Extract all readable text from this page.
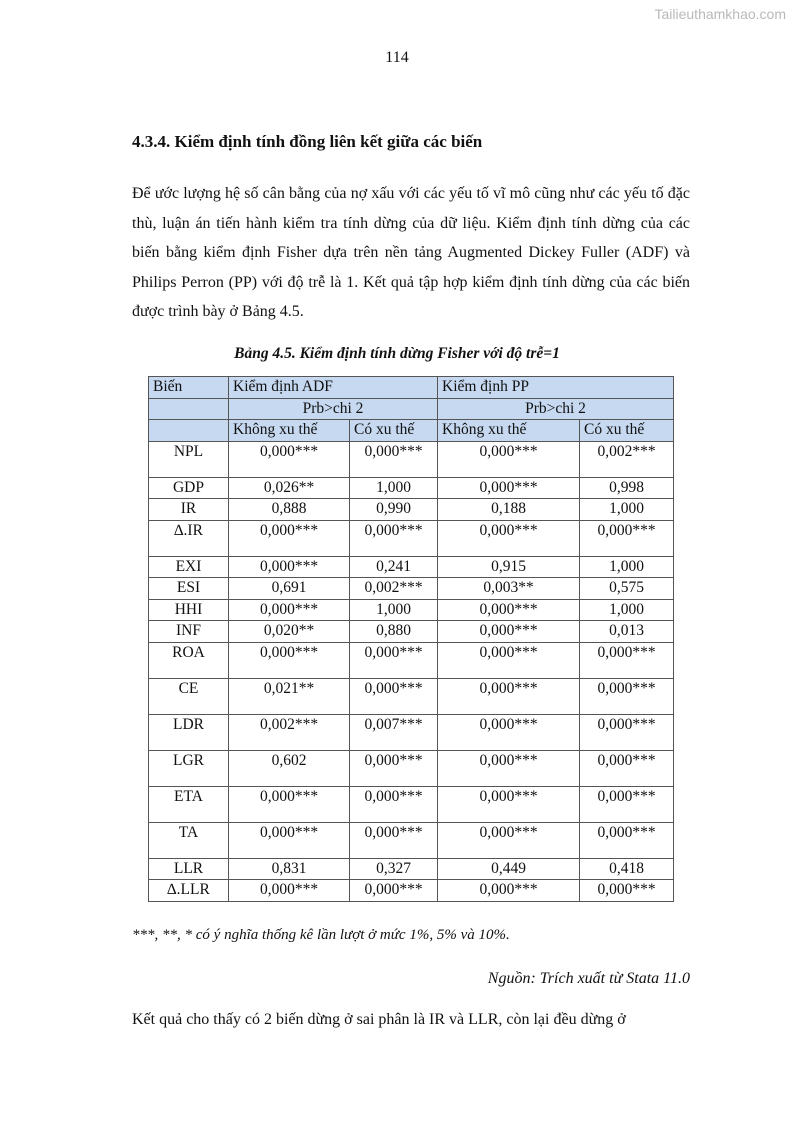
Tailieuthamkhao.com
114
4.3.4. Kiểm định tính đồng liên kết giữa các biến
Để ước lượng hệ số cân bằng của nợ xấu với các yếu tố vĩ mô cũng như các yếu tố đặc thù, luận án tiến hành kiểm tra tính dừng của dữ liệu. Kiểm định tính dừng của các biến bằng kiểm định Fisher dựa trên nền tảng Augmented Dickey Fuller (ADF) và Philips Perron (PP) với độ trễ là 1. Kết quả tập hợp kiểm định tính dừng của các biến được trình bày ở Bảng 4.5.
Bảng 4.5. Kiểm định tính dừng Fisher với độ trễ=1
Biến	Kiểm định ADF		Kiểm định PP	
	Prb>chi 2		Prb>chi 2	
	Không xu thế	Có xu thế	Không xu thế	Có xu thế
NPL	0,000***	0,000***	0,000***	0,002***
GDP	0,026**	1,000	0,000***	0,998
IR	0,888	0,990	0,188	1,000
∆.IR	0,000***	0,000***	0,000***	0,000***
EXI	0,000***	0,241	0,915	1,000
ESI	0,691	0,002***	0,003**	0,575
HHI	0,000***	1,000	0,000***	1,000
INF	0,020**	0,880	0,000***	0,013
ROA	0,000***	0,000***	0,000***	0,000***
CE	0,021**	0,000***	0,000***	0,000***
LDR	0,002***	0,007***	0,000***	0,000***
LGR	0,602	0,000***	0,000***	0,000***
ETA	0,000***	0,000***	0,000***	0,000***
TA	0,000***	0,000***	0,000***	0,000***
LLR	0,831	0,327	0,449	0,418
∆.LLR	0,000***	0,000***	0,000***	0,000***
***, **, * có ý nghĩa thống kê lần lượt ở mức 1%, 5% và 10%.
Nguồn: Trích xuất từ Stata 11.0
Kết quả cho thấy có 2 biến dừng ở sai phân là IR và LLR, còn lại đều dừng ở
